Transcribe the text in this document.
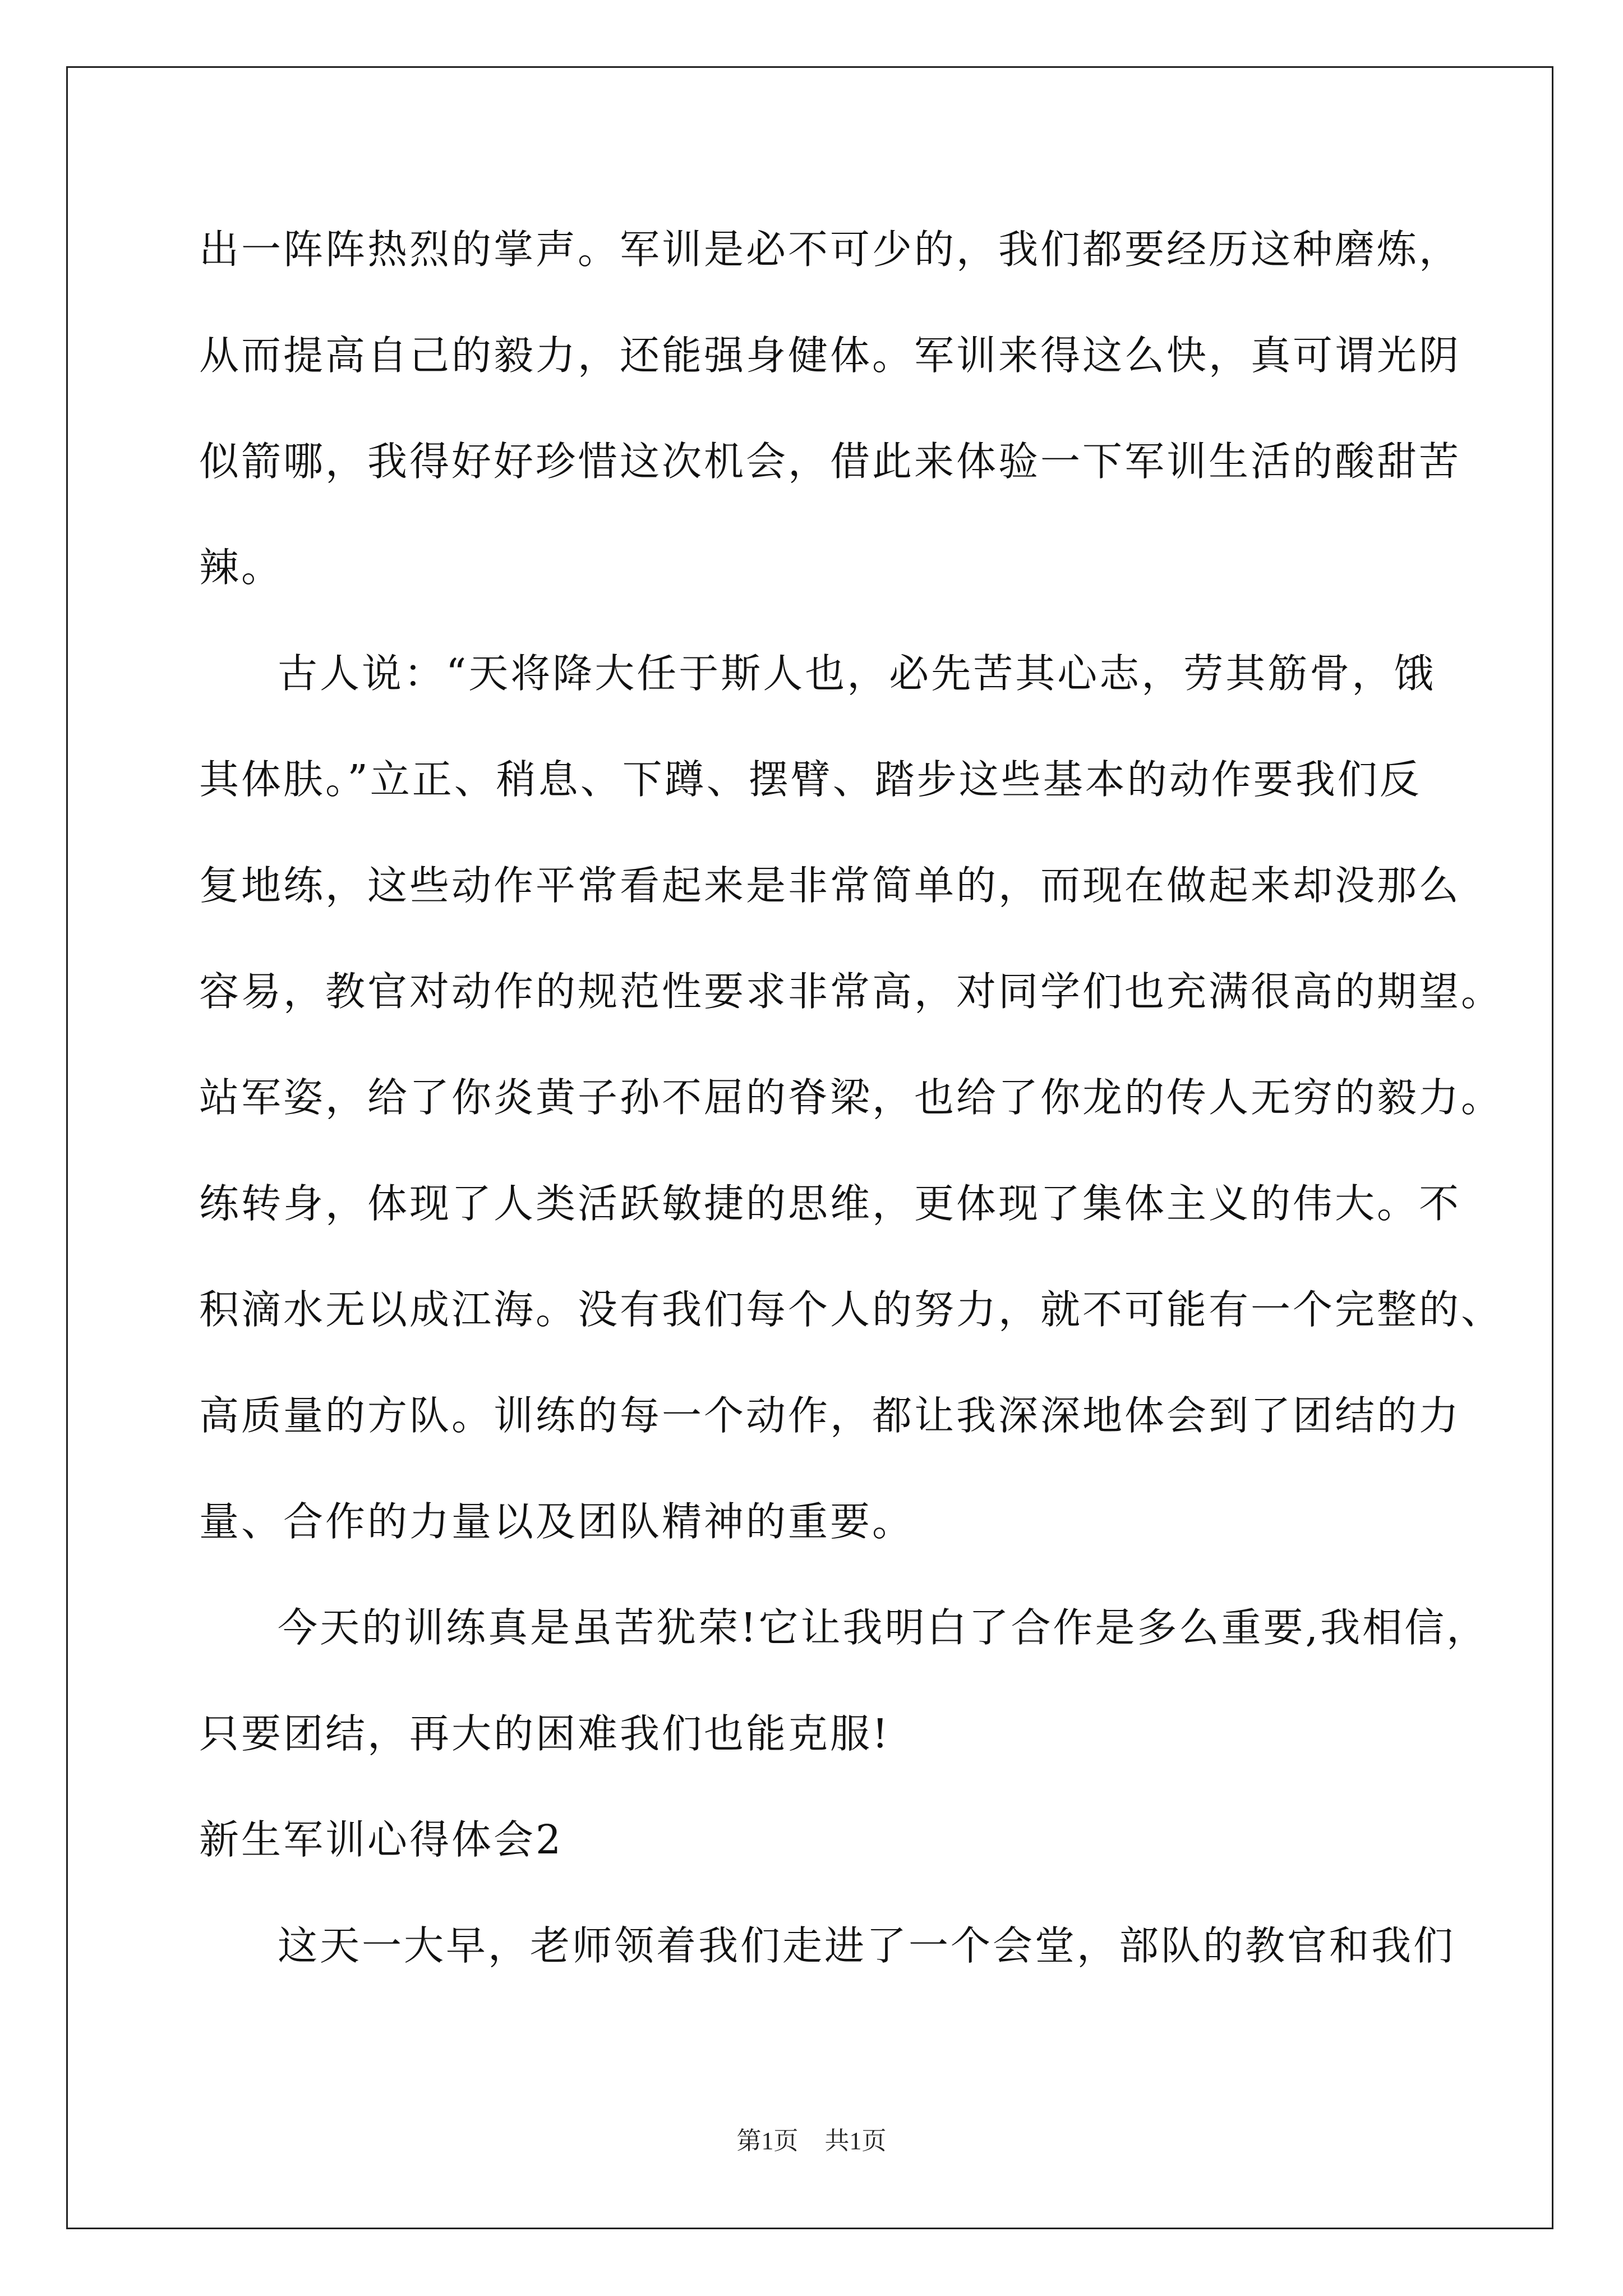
出一阵阵热烈的掌声。军训是必不可少的，我们都要经历这种磨炼，
从而提高自己的毅力，还能强身健体。军训来得这么快，真可谓光阴
似箭哪，我得好好珍惜这次机会，借此来体验一下军训生活的酸甜苦
辣。
古人说：“天将降大任于斯人也，必先苦其心志，劳其筋骨，饿
其体肤。”立正、稍息、下蹲、摆臂、踏步这些基本的动作要我们反
复地练，这些动作平常看起来是非常简单的，而现在做起来却没那么
容易，教官对动作的规范性要求非常高，对同学们也充满很高的期望。
站军姿，给了你炎黄子孙不屈的脊梁，也给了你龙的传人无穷的毅力。
练转身，体现了人类活跃敏捷的思维，更体现了集体主义的伟大。不
积滴水无以成江海。没有我们每个人的努力，就不可能有一个完整的、
高质量的方队。训练的每一个动作，都让我深深地体会到了团结的力
量、合作的力量以及团队精神的重要。
今天的训练真是虽苦犹荣!它让我明白了合作是多么重要,我相信，
只要团结，再大的困难我们也能克服!
新生军训心得体会2
这天一大早，老师领着我们走进了一个会堂，部队的教官和我们
第1页 共1页
